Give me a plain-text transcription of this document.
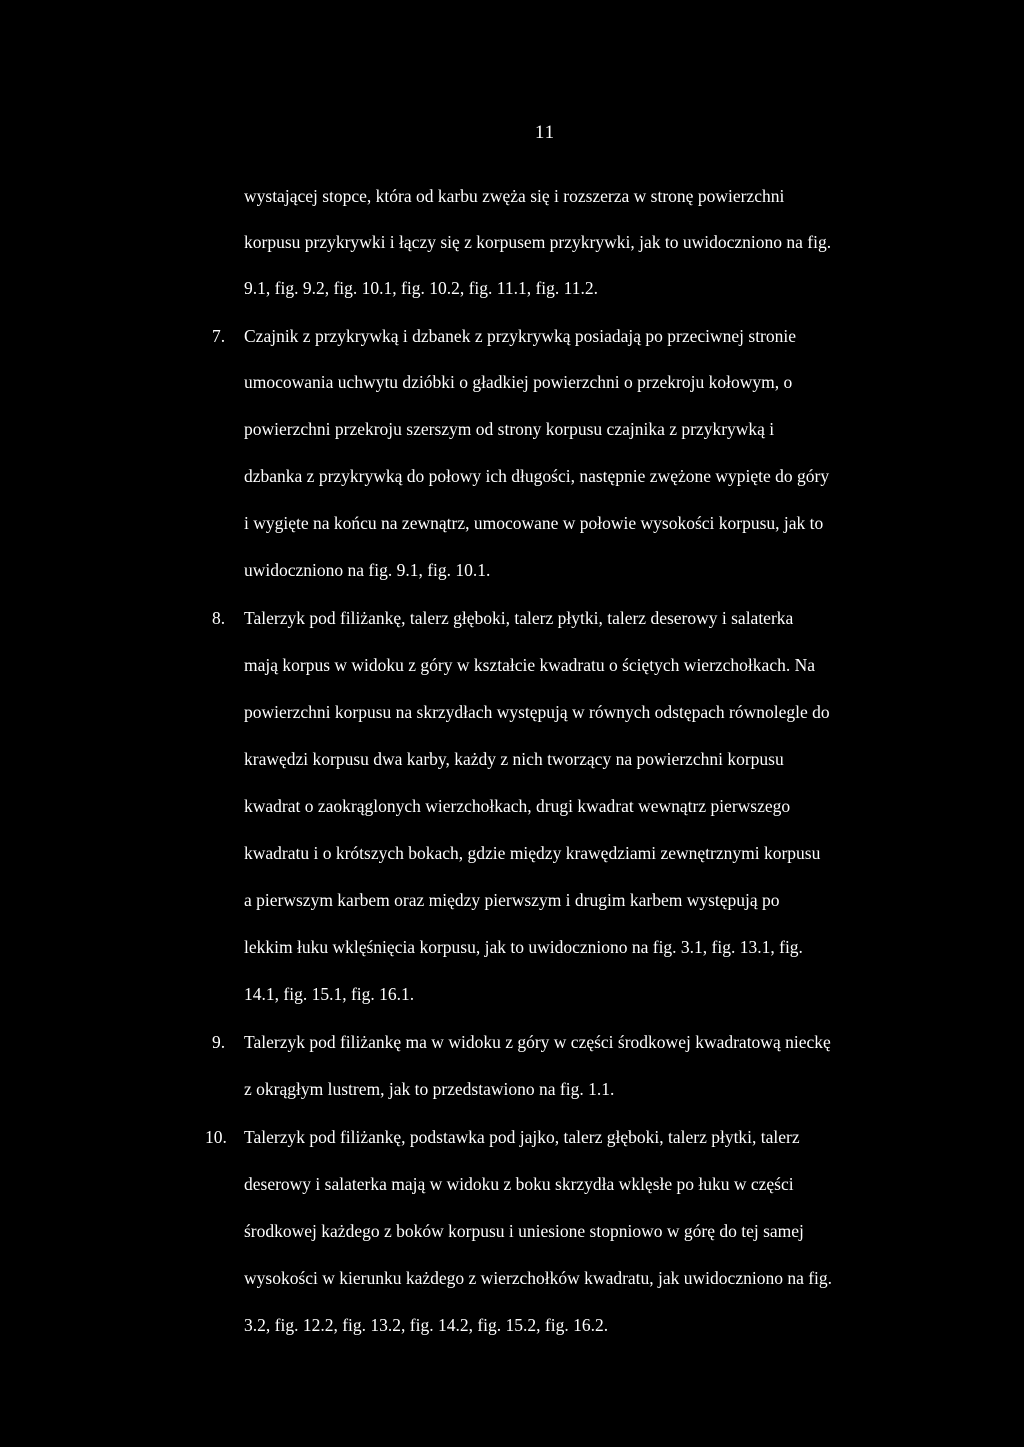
11
wystającej stopce, która od karbu zwęża się i rozszerza w stronę powierzchni
korpusu przykrywki i łączy się z korpusem przykrywki, jak to uwidoczniono na fig.
9.1, fig. 9.2, fig. 10.1, fig. 10.2, fig. 11.1, fig. 11.2.
7. Czajnik z przykrywką i dzbanek z przykrywką posiadają po przeciwnej stronie
umocowania uchwytu dzióbki o gładkiej powierzchni o przekroju kołowym, o
powierzchni przekroju szerszym od strony korpusu czajnika z przykrywką i
dzbanka z przykrywką do połowy ich długości, następnie zwężone wypięte do góry
i wygięte na końcu na zewnątrz, umocowane w połowie wysokości korpusu, jak to
uwidoczniono na fig. 9.1, fig. 10.1.
8. Talerzyk pod filiżankę, talerz głęboki, talerz płytki, talerz deserowy i salaterka
mają korpus w widoku z góry w kształcie kwadratu o ściętych wierzchołkach. Na
powierzchni korpusu na skrzydłach występują w równych odstępach równolegle do
krawędzi korpusu dwa karby, każdy z nich tworzący na powierzchni korpusu
kwadrat o zaokrąglonych wierzchołkach, drugi kwadrat wewnątrz pierwszego
kwadratu i o krótszych bokach, gdzie między krawędziami zewnętrznymi korpusu
a pierwszym karbem oraz między pierwszym i drugim karbem występują po
lekkim łuku wklęśnięcia korpusu, jak to uwidoczniono na fig. 3.1, fig. 13.1, fig.
14.1, fig. 15.1, fig. 16.1.
9. Talerzyk pod filiżankę ma w widoku z góry w części środkowej kwadratową nieckę
z okrągłym lustrem, jak to przedstawiono na fig. 1.1.
10. Talerzyk pod filiżankę, podstawka pod jajko, talerz głęboki, talerz płytki, talerz
deserowy i salaterka mają w widoku z boku skrzydła wklęsłe po łuku w części
środkowej każdego z boków korpusu i uniesione stopniowo w górę do tej samej
wysokości w kierunku każdego z wierzchołków kwadratu, jak uwidoczniono na fig.
3.2, fig. 12.2, fig. 13.2, fig. 14.2, fig. 15.2, fig. 16.2.
